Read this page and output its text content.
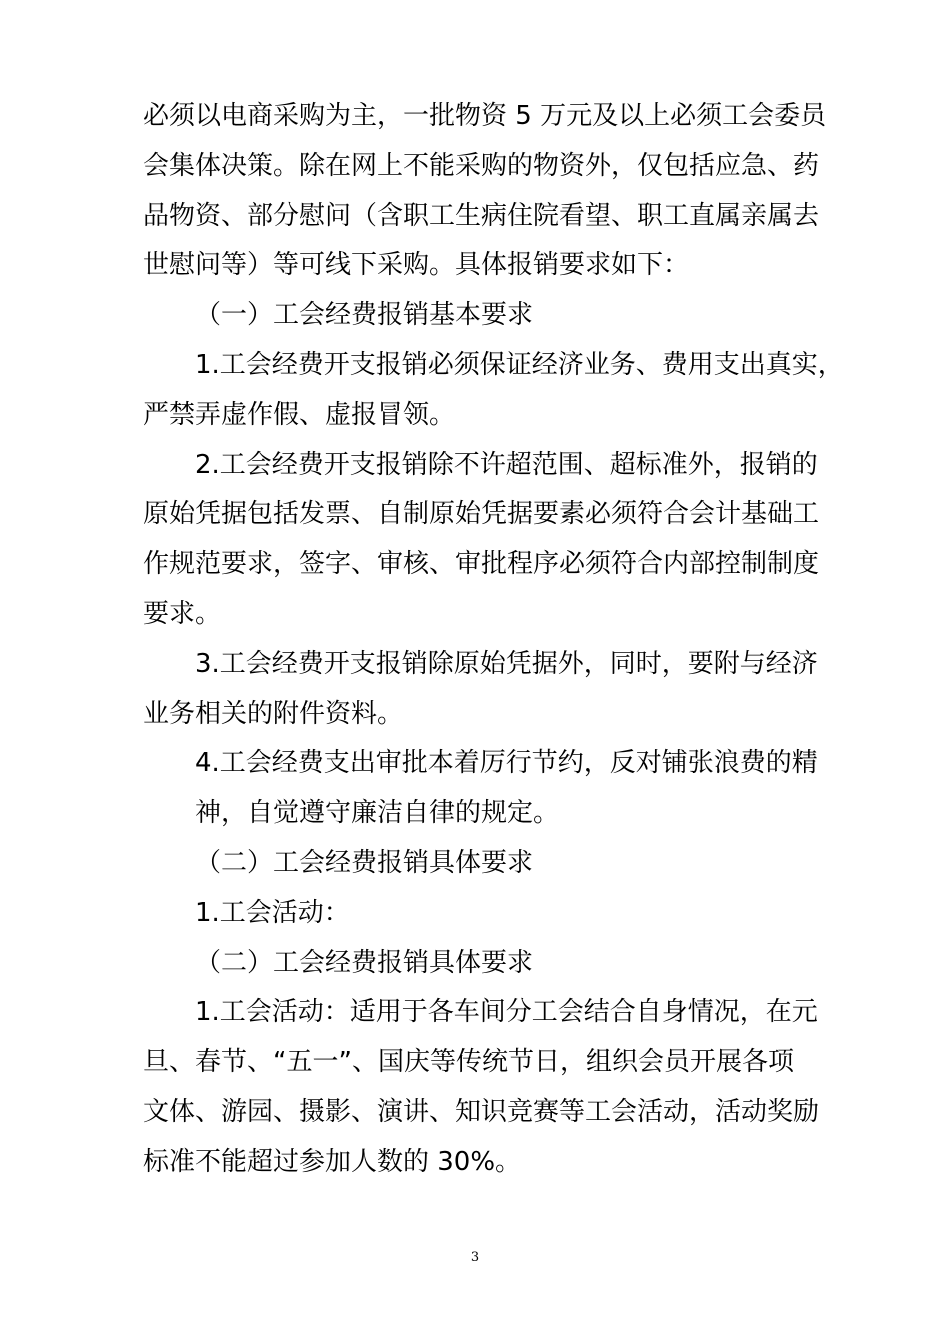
必须以电商采购为主，一批物资 5 万元及以上必须工会委员
会集体决策。除在网上不能采购的物资外，仅包括应急、药
品物资、部分慰问（含职工生病住院看望、职工直属亲属去
世慰问等）等可线下采购。具体报销要求如下：
（一）工会经费报销基本要求
1.工会经费开支报销必须保证经济业务、费用支出真实，
严禁弄虚作假、虚报冒领。
2.工会经费开支报销除不许超范围、超标准外，报销的
原始凭据包括发票、自制原始凭据要素必须符合会计基础工
作规范要求，签字、审核、审批程序必须符合内部控制制度
要求。
3.工会经费开支报销除原始凭据外，同时，要附与经济
业务相关的附件资料。
4.工会经费支出审批本着厉行节约，反对铺张浪费的精
神，自觉遵守廉洁自律的规定。
（二）工会经费报销具体要求
1.工会活动：
（二）工会经费报销具体要求
1.工会活动：适用于各车间分工会结合自身情况，在元
旦、春节、“五一”、国庆等传统节日，组织会员开展各项
文体、游园、摄影、演讲、知识竞赛等工会活动，活动奖励
标准不能超过参加人数的 30%。
3
